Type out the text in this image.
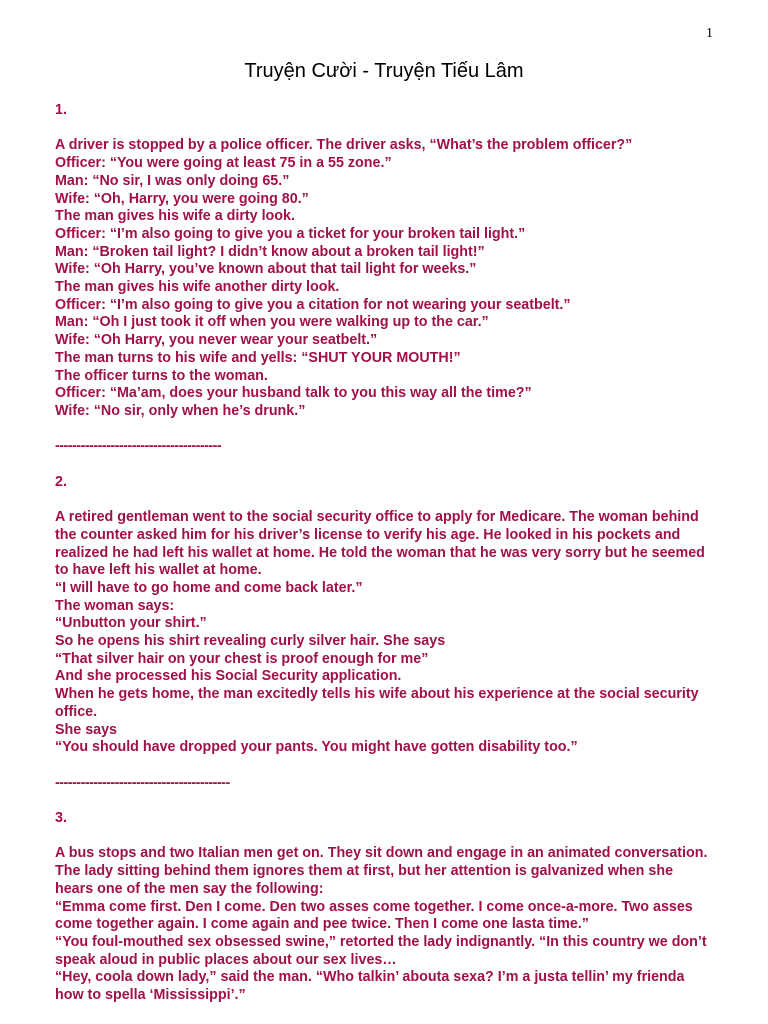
1
Truyện Cười - Truyện Tiếu Lâm
1.
A driver is stopped by a police officer. The driver asks, “What’s the problem officer?”
Officer: “You were going at least 75 in a 55 zone.”
Man: “No sir, I was only doing 65.”
Wife: “Oh, Harry, you were going 80.”
The man gives his wife a dirty look.
Officer: “I’m also going to give you a ticket for your broken tail light.”
Man: “Broken tail light? I didn’t know about a broken tail light!”
Wife: “Oh Harry, you’ve known about that tail light for weeks.”
The man gives his wife another dirty look.
Officer: “I’m also going to give you a citation for not wearing your seatbelt.”
Man: “Oh I just took it off when you were walking up to the car.”
Wife: “Oh Harry, you never wear your seatbelt.”
The man turns to his wife and yells: “SHUT YOUR MOUTH!”
The officer turns to the woman.
Officer: “Ma’am, does your husband talk to you this way all the time?”
Wife: “No sir, only when he’s drunk.”
---------------------------------------
2.
A retired gentleman went to the social security office to apply for Medicare. The woman behind the counter asked him for his driver’s license to verify his age. He looked in his pockets and realized he had left his wallet at home. He told the woman that he was very sorry but he seemed to have left his wallet at home.
“I will have to go home and come back later.”
The woman says:
“Unbutton your shirt.”
So he opens his shirt revealing curly silver hair. She says
“That silver hair on your chest is proof enough for me”
And she processed his Social Security application.
When he gets home, the man excitedly tells his wife about his experience at the social security office.
She says
“You should have dropped your pants. You might have gotten disability too.”
-----------------------------------------
3.
A bus stops and two Italian men get on. They sit down and engage in an animated conversation. The lady sitting behind them ignores them at first, but her attention is galvanized when she hears one of the men say the following:
“Emma come first. Den I come. Den two asses come together. I come once-a-more. Two asses come together again. I come again and pee twice. Then I come one lasta time.”
“You foul-mouthed sex obsessed swine,” retorted the lady indignantly. “In this country we don’t speak aloud in public places about our sex lives…
“Hey, coola down lady,” said the man. “Who talkin’ abouta sexa? I’m a justa tellin’ my frienda how to spella ‘Mississippi’.”
